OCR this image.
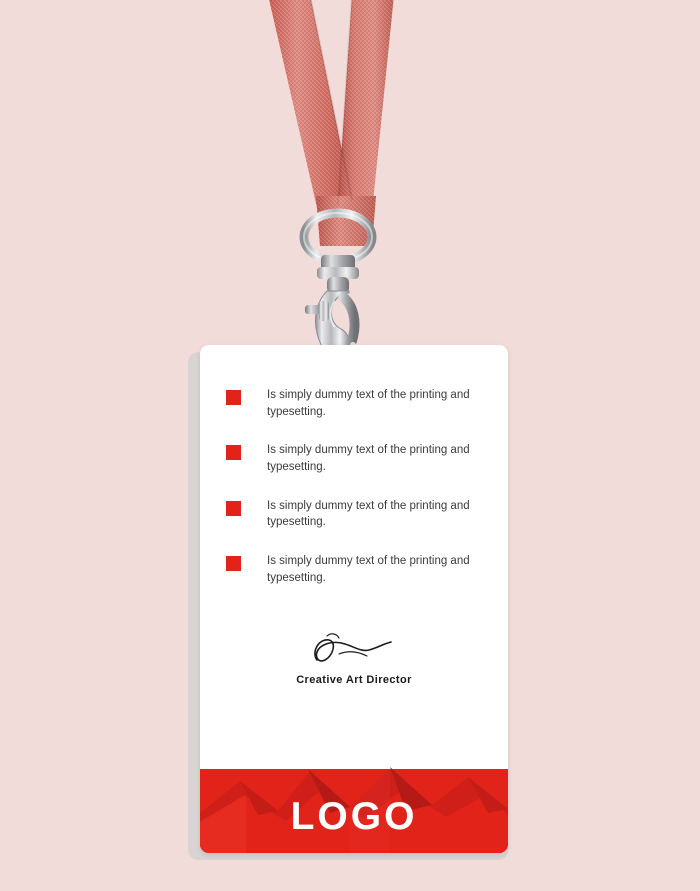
Is simply dummy text of the printing and typesetting.
Is simply dummy text of the printing and typesetting.
Is simply dummy text of the printing and typesetting.
Is simply dummy text of the printing and typesetting.
Creative Art Director
LOGO
